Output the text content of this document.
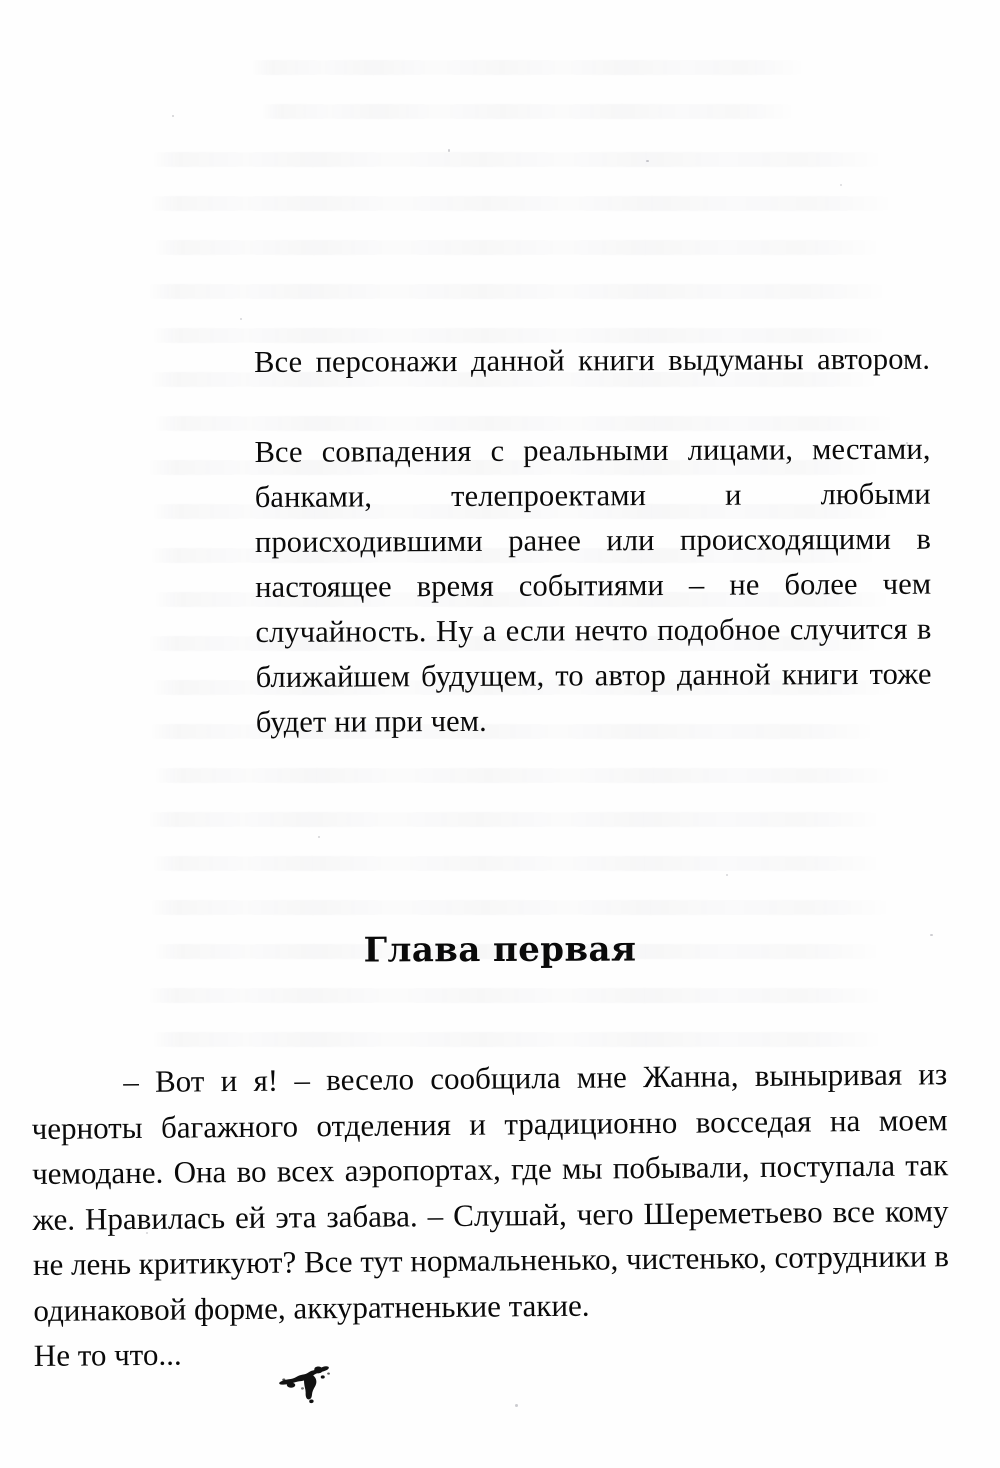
Все персонажи данной книги выдуманы автором.

Все совпадения с реальными лицами, местами, банками, телепроектами и любыми происходившими ранее или происходящими в настоящее время событиями – не более чем случайность. Ну а если нечто подобное случится в ближайшем будущем, то автор данной книги тоже будет ни при чем.

Глава первая

– Вот и я! – весело сообщила мне Жанна, выныривая из черноты багажного отделения и традиционно восседая на моем чемодане. Она во всех аэропортах, где мы побывали, поступала так же. Нравилась ей эта забава. – Слушай, чего Шереметьево все кому не лень критикуют? Все тут нормальненько, чистенько, сотрудники в одинаковой форме, аккуратненькие такие.

Не то что...
